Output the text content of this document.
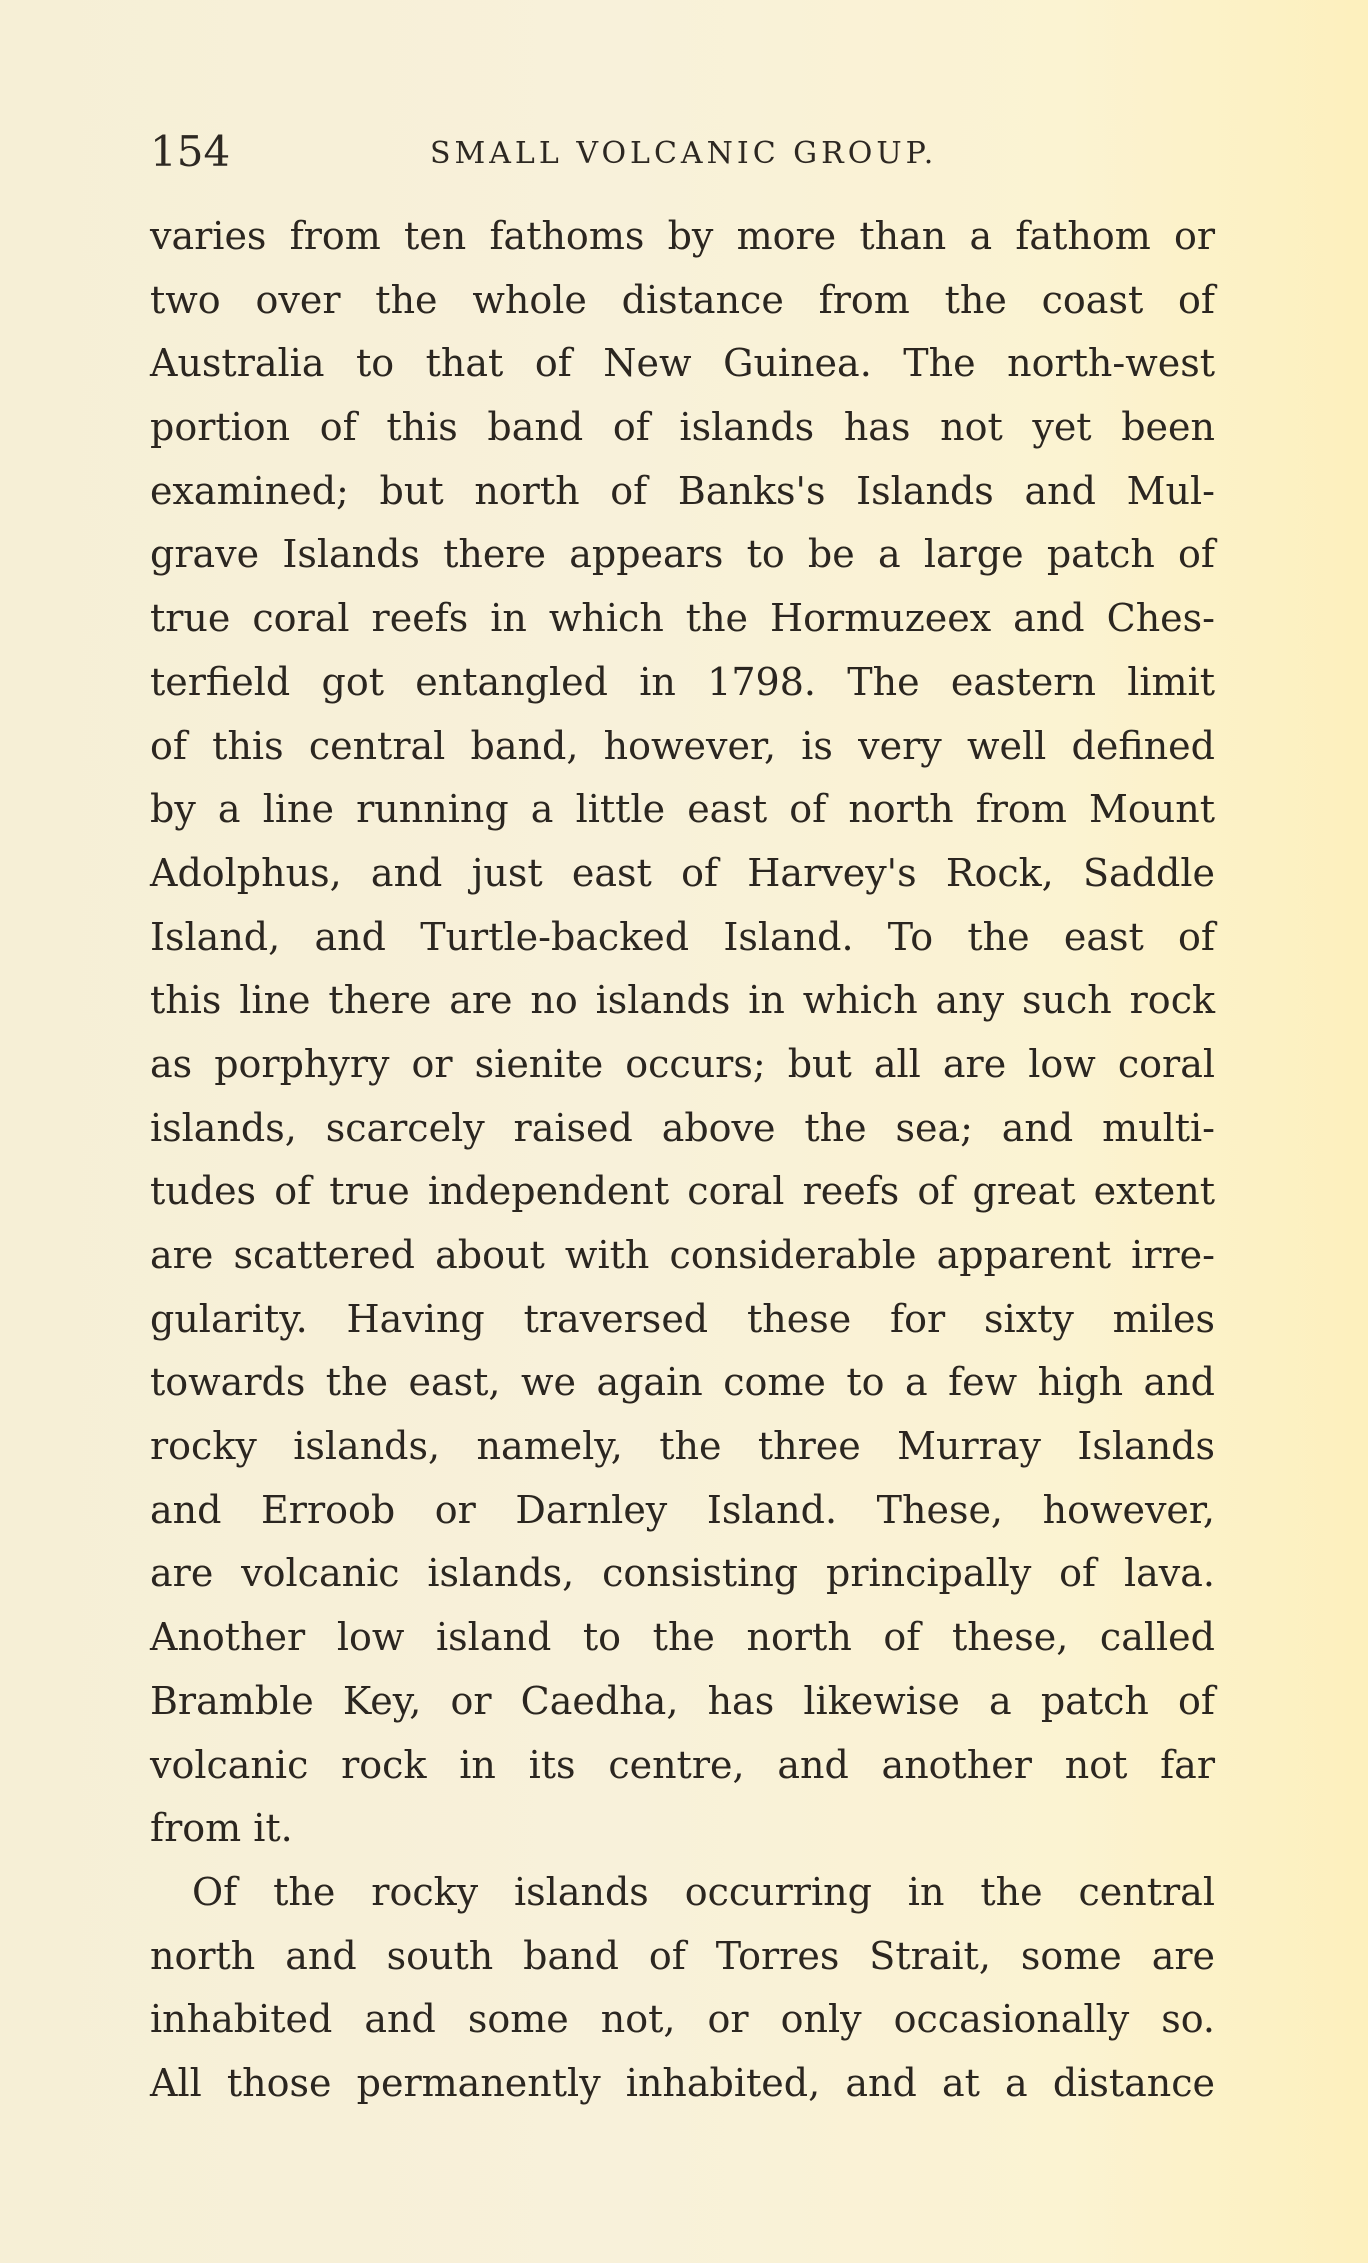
154	SMALL VOLCANIC GROUP.
varies from ten fathoms by more than a fathom or
two over the whole distance from the coast of
Australia to that of New Guinea. The north-west
portion of this band of islands has not yet been
examined; but north of Banks's Islands and Mul-
grave Islands there appears to be a large patch of
true coral reefs in which the Hormuzeex and Ches-
terfield got entangled in 1798. The eastern limit
of this central band, however, is very well defined
by a line running a little east of north from Mount
Adolphus, and just east of Harvey's Rock, Saddle
Island, and Turtle-backed Island. To the east of
this line there are no islands in which any such rock
as porphyry or sienite occurs; but all are low coral
islands, scarcely raised above the sea; and multi-
tudes of true independent coral reefs of great extent
are scattered about with considerable apparent irre-
gularity. Having traversed these for sixty miles
towards the east, we again come to a few high and
rocky islands, namely, the three Murray Islands
and Erroob or Darnley Island. These, however,
are volcanic islands, consisting principally of lava.
Another low island to the north of these, called
Bramble Key, or Caedha, has likewise a patch of
volcanic rock in its centre, and another not far
from it.
Of the rocky islands occurring in the central
north and south band of Torres Strait, some are
inhabited and some not, or only occasionally so.
All those permanently inhabited, and at a distance
